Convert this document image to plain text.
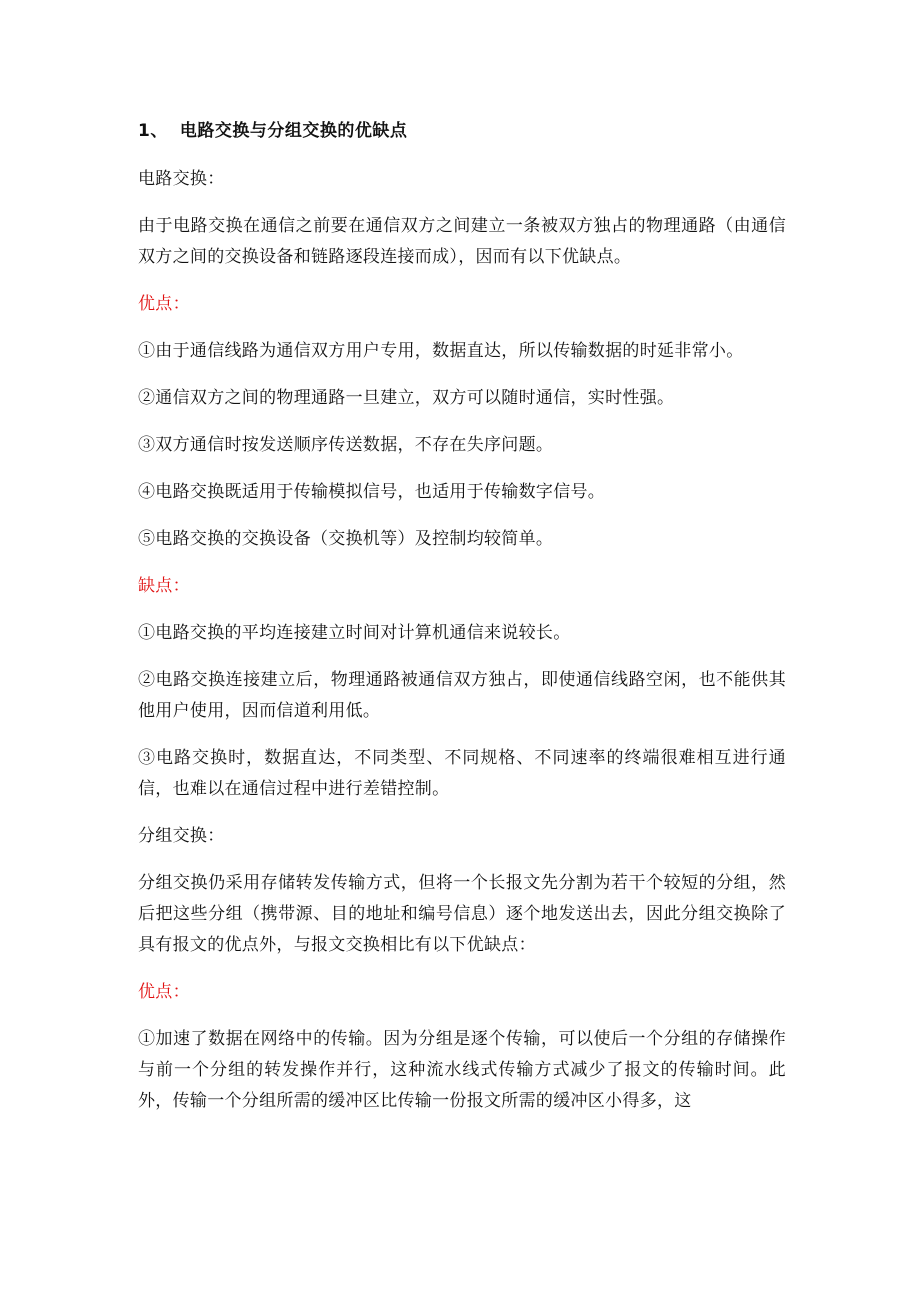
1、 电路交换与分组交换的优缺点

电路交换：

由于电路交换在通信之前要在通信双方之间建立一条被双方独占的物理通路（由通信双方之间的交换设备和链路逐段连接而成），因而有以下优缺点。

优点：

①由于通信线路为通信双方用户专用，数据直达，所以传输数据的时延非常小。

②通信双方之间的物理通路一旦建立，双方可以随时通信，实时性强。

③双方通信时按发送顺序传送数据，不存在失序问题。

④电路交换既适用于传输模拟信号，也适用于传输数字信号。

⑤电路交换的交换设备（交换机等）及控制均较简单。

缺点：

①电路交换的平均连接建立时间对计算机通信来说较长。

②电路交换连接建立后，物理通路被通信双方独占，即使通信线路空闲，也不能供其他用户使用，因而信道利用低。

③电路交换时，数据直达，不同类型、不同规格、不同速率的终端很难相互进行通信，也难以在通信过程中进行差错控制。

分组交换：

分组交换仍采用存储转发传输方式，但将一个长报文先分割为若干个较短的分组，然后把这些分组（携带源、目的地址和编号信息）逐个地发送出去，因此分组交换除了具有报文的优点外，与报文交换相比有以下优缺点：

优点：

①加速了数据在网络中的传输。因为分组是逐个传输，可以使后一个分组的存储操作与前一个分组的转发操作并行，这种流水线式传输方式减少了报文的传输时间。此外，传输一个分组所需的缓冲区比传输一份报文所需的缓冲区小得多，这
